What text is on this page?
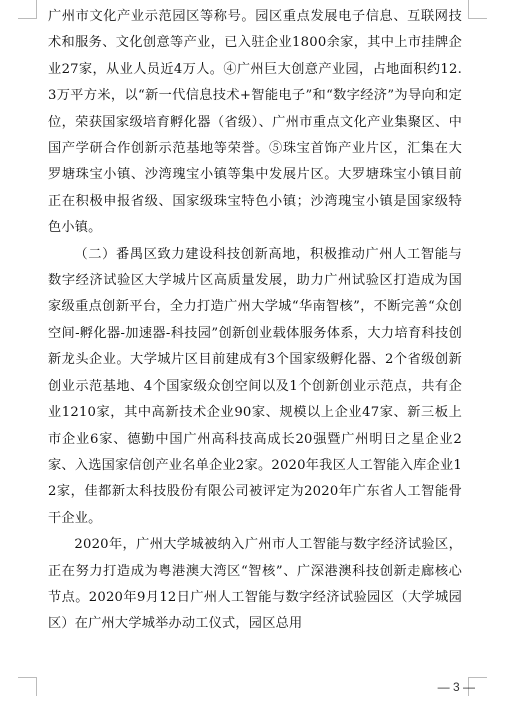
广州市文化产业示范园区等称号。园区重点发展电子信息、互联网技术和服务、文化创意等产业，已入驻企业1800余家，其中上市挂牌企业27家，从业人员近4万人。④广州巨大创意产业园，占地面积约12.3万平方米，以“新一代信息技术+智能电子”和“数字经济”为导向和定位，荣获国家级培育孵化器（省级）、广州市重点文化产业集聚区、中国产学研合作创新示范基地等荣誉。⑤珠宝首饰产业片区，汇集在大罗塘珠宝小镇、沙湾瑰宝小镇等集中发展片区。大罗塘珠宝小镇目前正在积极申报省级、国家级珠宝特色小镇；沙湾瑰宝小镇是国家级特色小镇。

（二）番禺区致力建设科技创新高地，积极推动广州人工智能与数字经济试验区大学城片区高质量发展，助力广州试验区打造成为国家级重点创新平台，全力打造广州大学城“华南智核”，不断完善“众创空间-孵化器-加速器-科技园”创新创业载体服务体系，大力培育科技创新龙头企业。大学城片区目前建成有3个国家级孵化器、2个省级创新创业示范基地、4个国家级众创空间以及1个创新创业示范点，共有企业1210家，其中高新技术企业90家、规模以上企业47家、新三板上市企业6家、德勤中国广州高科技高成长20强暨广州明日之星企业2家、入选国家信创产业名单企业2家。2020年我区人工智能入库企业12家，佳都新太科技股份有限公司被评定为2020年广东省人工智能骨干企业。

2020年，广州大学城被纳入广州市人工智能与数字经济试验区，正在努力打造成为粤港澳大湾区“智核”、广深港澳科技创新走廊核心节点。2020年9月12日广州人工智能与数字经济试验园区（大学城园区）在广州大学城举办动工仪式，园区总用

— 3 —
